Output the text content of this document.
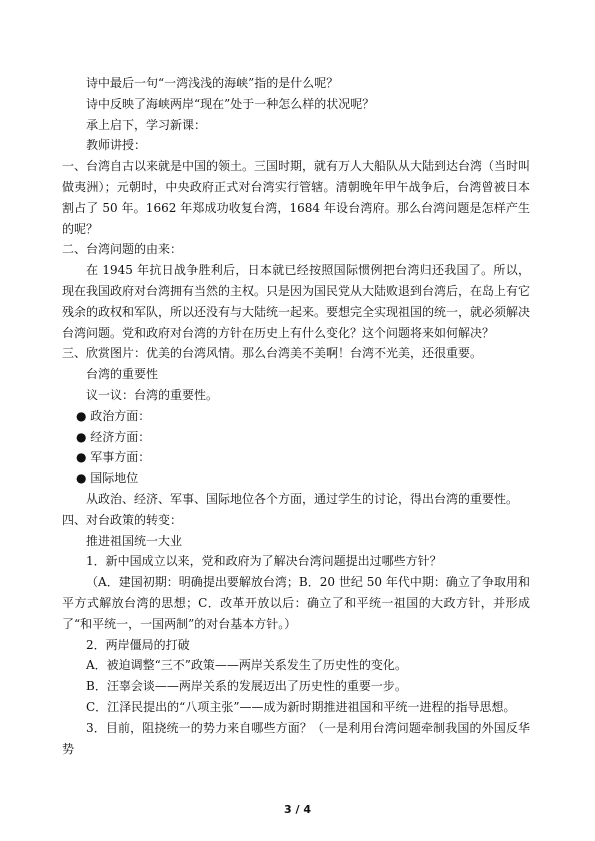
诗中最后一句“一湾浅浅的海峡”指的是什么呢？

诗中反映了海峡两岸“现在”处于一种怎么样的状况呢？

承上启下，学习新课：

教师讲授：

一、台湾自古以来就是中国的领土。三国时期，就有万人大船队从大陆到达台湾（当时叫做夷洲）；元朝时，中央政府正式对台湾实行管辖。清朝晚年甲午战争后，台湾曾被日本割占了 50 年。1662 年郑成功收复台湾，1684 年设台湾府。那么台湾问题是怎样产生的呢？

二、台湾问题的由来：

在 1945 年抗日战争胜利后，日本就已经按照国际惯例把台湾归还我国了。所以，现在我国政府对台湾拥有当然的主权。只是因为国民党从大陆败退到台湾后，在岛上有它残余的政权和军队，所以还没有与大陆统一起来。要想完全实现祖国的统一，就必须解决台湾问题。党和政府对台湾的方针在历史上有什么变化？这个问题将来如何解决？

三、欣赏图片：优美的台湾风情。那么台湾美不美啊！台湾不光美，还很重要。

台湾的重要性

议一议：台湾的重要性。

● 政治方面：

● 经济方面：

● 军事方面：

● 国际地位

从政治、经济、军事、国际地位各个方面，通过学生的讨论，得出台湾的重要性。

四、对台政策的转变：

推进祖国统一大业

1．新中国成立以来，党和政府为了解决台湾问题提出过哪些方针？

（A．建国初期：明确提出要解放台湾；B．20 世纪 50 年代中期：确立了争取用和平方式解放台湾的思想；C．改革开放以后：确立了和平统一祖国的大政方针，并形成了“和平统一，一国两制”的对台基本方针。）

2．两岸僵局的打破

A．被迫调整“三不”政策——两岸关系发生了历史性的变化。

B．汪辜会谈——两岸关系的发展迈出了历史性的重要一步。

C．江泽民提出的“八项主张”——成为新时期推进祖国和平统一进程的指导思想。

3．目前，阻挠统一的势力来自哪些方面？（一是利用台湾问题牵制我国的外国反华势

3 / 4
